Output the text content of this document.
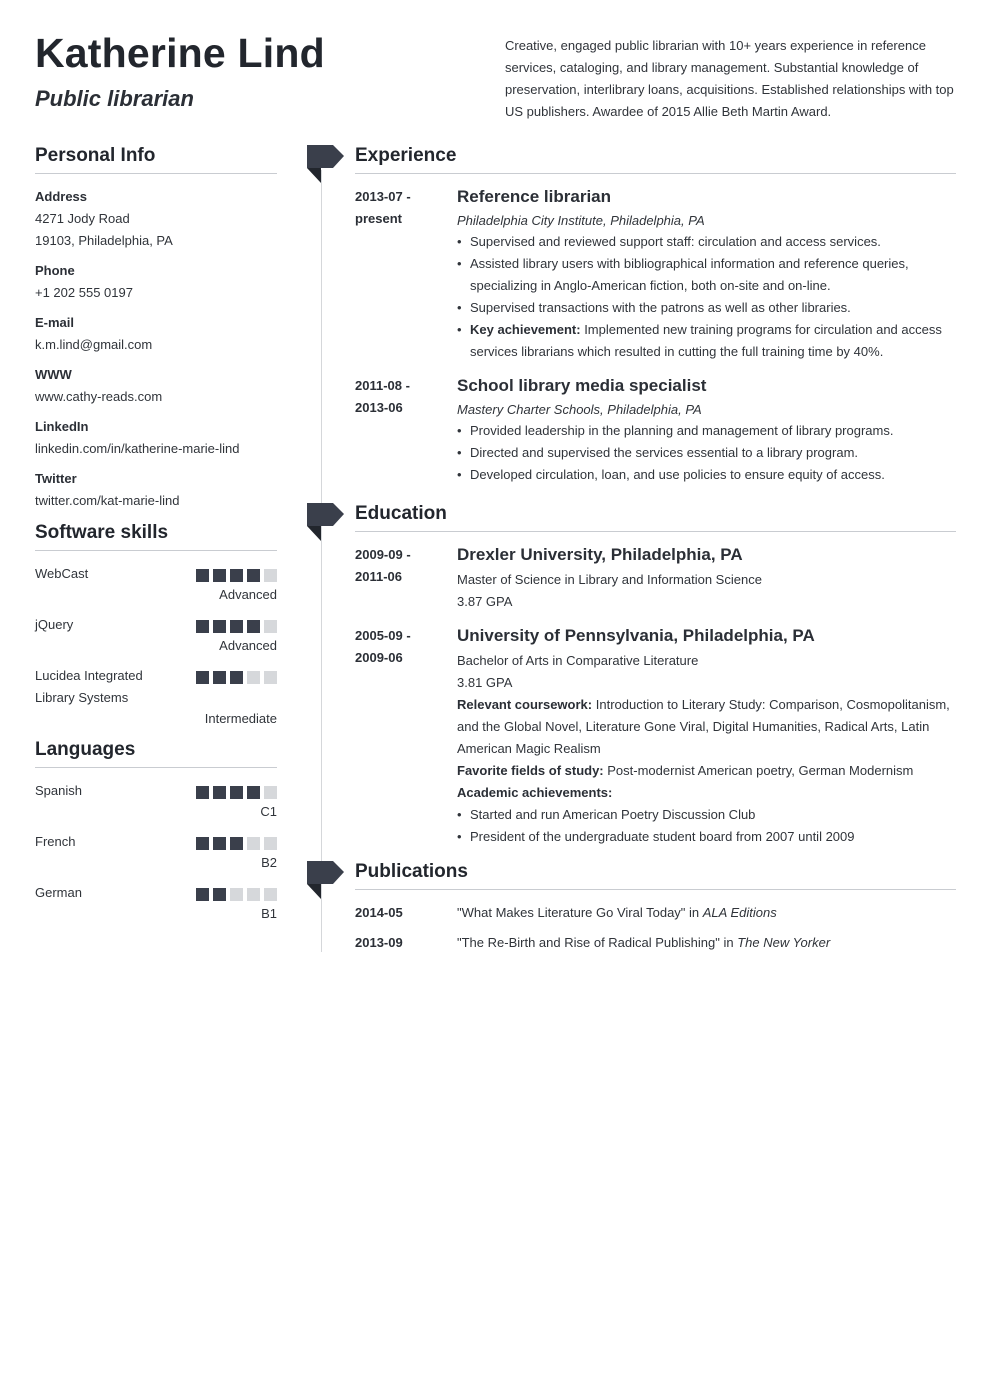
Katherine Lind
Public librarian
Creative, engaged public librarian with 10+ years experience in reference services, cataloging, and library management. Substantial knowledge of preservation, interlibrary loans, acquisitions. Established relationships with top US publishers. Awardee of 2015 Allie Beth Martin Award.
Personal Info
Address
4271 Jody Road
19103, Philadelphia, PA
Phone
+1 202 555 0197
E-mail
k.m.lind@gmail.com
WWW
www.cathy-reads.com
LinkedIn
linkedin.com/in/katherine-marie-lind
Twitter
twitter.com/kat-marie-lind
Software skills
WebCast
Advanced
jQuery
Advanced
Lucidea Integrated Library Systems
Intermediate
Languages
Spanish
C1
French
B2
German
B1
Experience
2013-07 -
present
Reference librarian
Philadelphia City Institute, Philadelphia, PA
• Supervised and reviewed support staff: circulation and access services.
• Assisted library users with bibliographical information and reference queries, specializing in Anglo-American fiction, both on-site and on-line.
• Supervised transactions with the patrons as well as other libraries.
• Key achievement: Implemented new training programs for circulation and access services librarians which resulted in cutting the full training time by 40%.
2011-08 -
2013-06
School library media specialist
Mastery Charter Schools, Philadelphia, PA
• Provided leadership in the planning and management of library programs.
• Directed and supervised the services essential to a library program.
• Developed circulation, loan, and use policies to ensure equity of access.
Education
2009-09 -
2011-06
Drexler University, Philadelphia, PA
Master of Science in Library and Information Science
3.87 GPA
2005-09 -
2009-06
University of Pennsylvania, Philadelphia, PA
Bachelor of Arts in Comparative Literature
3.81 GPA
Relevant coursework: Introduction to Literary Study: Comparison, Cosmopolitanism, and the Global Novel, Literature Gone Viral, Digital Humanities, Radical Arts, Latin American Magic Realism
Favorite fields of study: Post-modernist American poetry, German Modernism
Academic achievements:
• Started and run American Poetry Discussion Club
• President of the undergraduate student board from 2007 until 2009
Publications
2014-05	"What Makes Literature Go Viral Today" in ALA Editions
2013-09	"The Re-Birth and Rise of Radical Publishing" in The New Yorker
